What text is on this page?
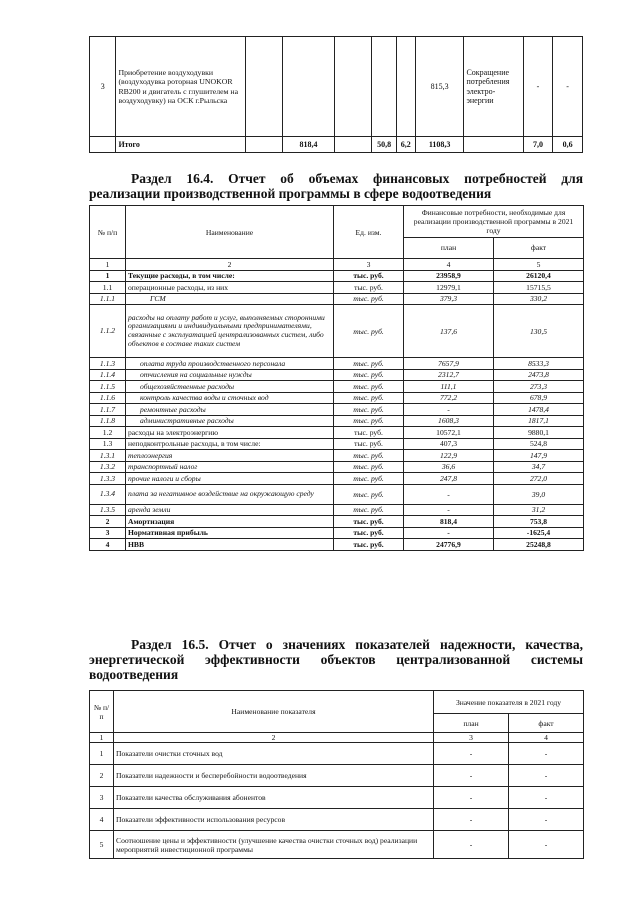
3	Приобретение воздуходувки (воздуходувка роторная UNOKOR RB200 и двигатель с глушителем на воздуходувку) на ОСК г.Рыльска						815,3	Сокращение потребления электро-энергии	-	-
	Итого		818,4		50,8	6,2	1108,3		7,0	0,6
Раздел 16.4. Отчет об объемах финансовых потребностей для
реализации производственной программы в сфере водоотведения
№ п/п	Наименование	Ед. изм.	Финансовые потребности, необходимые для реализации производственной программы в 2021 году	
			план	факт
1	2	3	4	5
1	Текущие расходы, в том числе:	тыс. руб.	23958,9	26120,4
1.1	операционные расходы, из них	тыс. руб.	12979,1	15715,5
1.1.1	ГСМ	тыс. руб.	379,3	330,2
1.1.2	расходы на оплату работ и услуг, выполняемых сторонними организациями и индивидуальными предпринимателями, связанные с эксплуатацией централизованных систем, либо объектов в составе таких систем	тыс. руб.	137,6	130,5
1.1.3	оплата труда производственного персонала	тыс. руб.	7657,9	8533,3
1.1.4	отчисления на социальные нужды	тыс. руб.	2312,7	2473,8
1.1.5	общехозяйственные расходы	тыс. руб.	111,1	273,3
1.1.6	контроль качества воды и сточных вод	тыс. руб.	772,2	678,9
1.1.7	ремонтные расходы	тыс. руб.	-	1478,4
1.1.8	административные расходы	тыс. руб.	1608,3	1817,1
1.2	расходы на электроэнергию	тыс. руб.	10572,1	9880,1
1.3	неподконтрольные расходы, в том числе:	тыс. руб.	407,3	524,8
1.3.1	теплоэнергия	тыс. руб.	122,9	147,9
1.3.2	транспортный налог	тыс. руб.	36,6	34,7
1.3.3	прочие налоги и сборы	тыс. руб.	247,8	272,0
1.3.4	плата за негативное воздействие на окружающую среду	тыс. руб.	-	39,0
1.3.5	аренда земли	тыс. руб.	-	31,2
2	Амортизация	тыс. руб.	818,4	753,8
3	Нормативная прибыль	тыс. руб.	-	-1625,4
4	НВВ	тыс. руб.	24776,9	25248,8
Раздел 16.5. Отчет о значениях показателей надежности, качества,
энергетической эффективности объектов централизованной системы
водоотведения
№ п/п	Наименование показателя	Значение показателя в 2021 году	
		план	факт
1	2	3	4
1	Показатели очистки сточных вод	-	-
2	Показатели надежности и бесперебойности водоотведения	-	-
3	Показатели качества обслуживания абонентов	-	-
4	Показатели эффективности использования ресурсов	-	-
5	Соотношение цены и эффективности (улучшение качества очистки сточных вод) реализации мероприятий инвестиционной программы	-	-
